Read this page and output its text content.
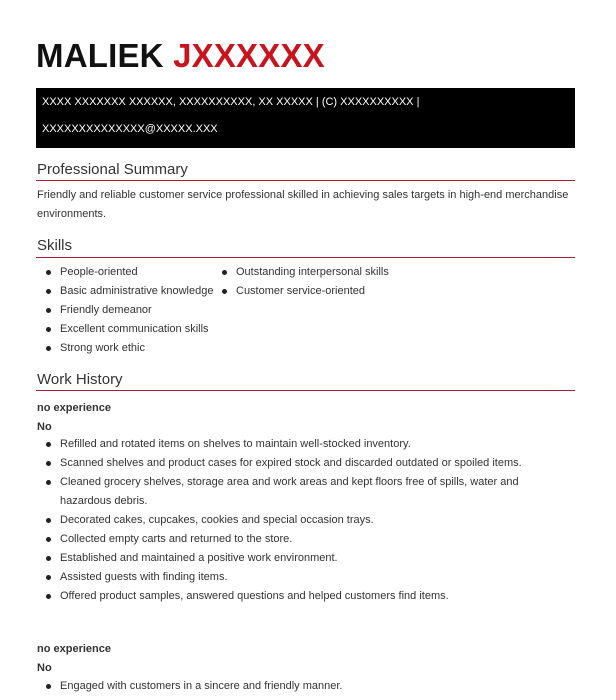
MALIEK JXXXXXX
XXXX XXXXXXX XXXXXX, XXXXXXXXXX, XX XXXXX | (C) XXXXXXXXXX |
XXXXXXXXXXXXXX@XXXXX.XXX
Professional Summary
Friendly and reliable customer service professional skilled in achieving sales targets in high-end merchandise environments.
Skills
People-oriented
Basic administrative knowledge
Friendly demeanor
Excellent communication skills
Strong work ethic
Outstanding interpersonal skills
Customer service-oriented
Work History
no experience
No
Refilled and rotated items on shelves to maintain well-stocked inventory.
Scanned shelves and product cases for expired stock and discarded outdated or spoiled items.
Cleaned grocery shelves, storage area and work areas and kept floors free of spills, water and hazardous debris.
Decorated cakes, cupcakes, cookies and special occasion trays.
Collected empty carts and returned to the store.
Established and maintained a positive work environment.
Assisted guests with finding items.
Offered product samples, answered questions and helped customers find items.
no experience
No
Engaged with customers in a sincere and friendly manner.
